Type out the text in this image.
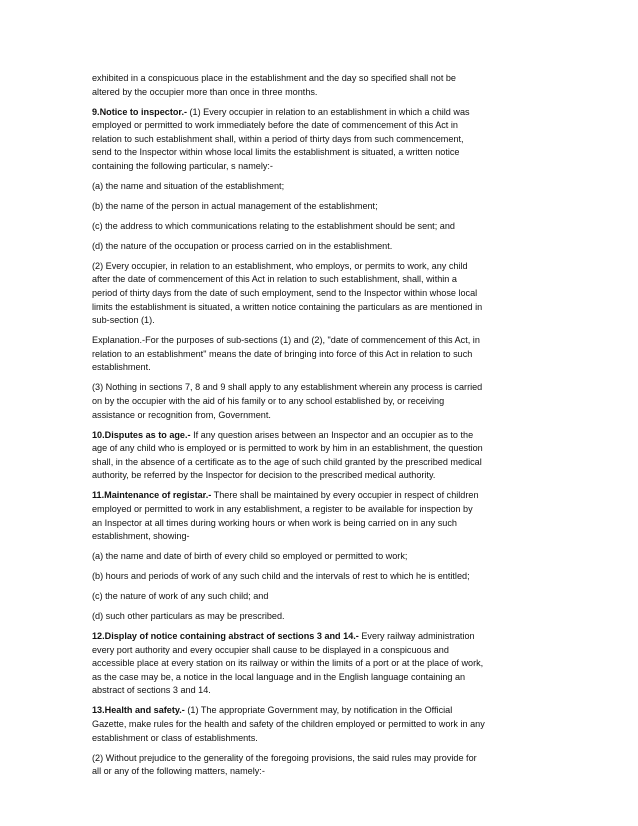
exhibited in a conspicuous place in the establishment and the day so specified shall not be
altered by the occupier more than once in three months.
9.Notice to inspector.- (1) Every occupier in relation to an establishment in which a child was
employed or permitted to work immediately before the date of commencement of this Act in
relation to such establishment shall, within a period of thirty days from such commencement,
send to the Inspector within whose local limits the establishment is situated, a written notice
containing the following particular, s namely:-
(a) the name and situation of the establishment;
(b) the name of the person in actual management of the establishment;
(c) the address to which communications relating to the establishment should be sent; and
(d) the nature of the occupation or process carried on in the establishment.
(2) Every occupier, in relation to an establishment, who employs, or permits to work, any child
after the date of commencement of this Act in relation to such establishment, shall, within a
period of thirty days from the date of such employment, send to the Inspector within whose local
limits the establishment is situated, a written notice containing the particulars as are mentioned in
sub-section (1).
Explanation.-For the purposes of sub-sections (1) and (2), "date of commencement of this Act, in
relation to an establishment" means the date of bringing into force of this Act in relation to such
establishment.
(3) Nothing in sections 7, 8 and 9 shall apply to any establishment wherein any process is carried
on by the occupier with the aid of his family or to any school established by, or receiving
assistance or recognition from, Government.
10.Disputes as to age.- If any question arises between an Inspector and an occupier as to the
age of any child who is employed or is permitted to work by him in an establishment, the question
shall, in the absence of a certificate as to the age of such child granted by the prescribed medical
authority, be referred by the Inspector for decision to the prescribed medical authority.
11.Maintenance of registar.- There shall be maintained by every occupier in respect of children
employed or permitted to work in any establishment, a register to be available for inspection by
an Inspector at all times during working hours or when work is being carried on in any such
establishment, showing-
(a) the name and date of birth of every child so employed or permitted to work;
(b) hours and periods of work of any such child and the intervals of rest to which he is entitled;
(c) the nature of work of any such child; and
(d) such other particulars as may be prescribed.
12.Display of notice containing abstract of sections 3 and 14.- Every railway administration
every port authority and every occupier shall cause to be displayed in a conspicuous and
accessible place at every station on its railway or within the limits of a port or at the place of work,
as the case may be, a notice in the local language and in the English language containing an
abstract of sections 3 and 14.
13.Health and safety.- (1) The appropriate Government may, by notification in the Official
Gazette, make rules for the health and safety of the children employed or permitted to work in any
establishment or class of establishments.
(2) Without prejudice to the generality of the foregoing provisions, the said rules may provide for
all or any of the following matters, namely:-
